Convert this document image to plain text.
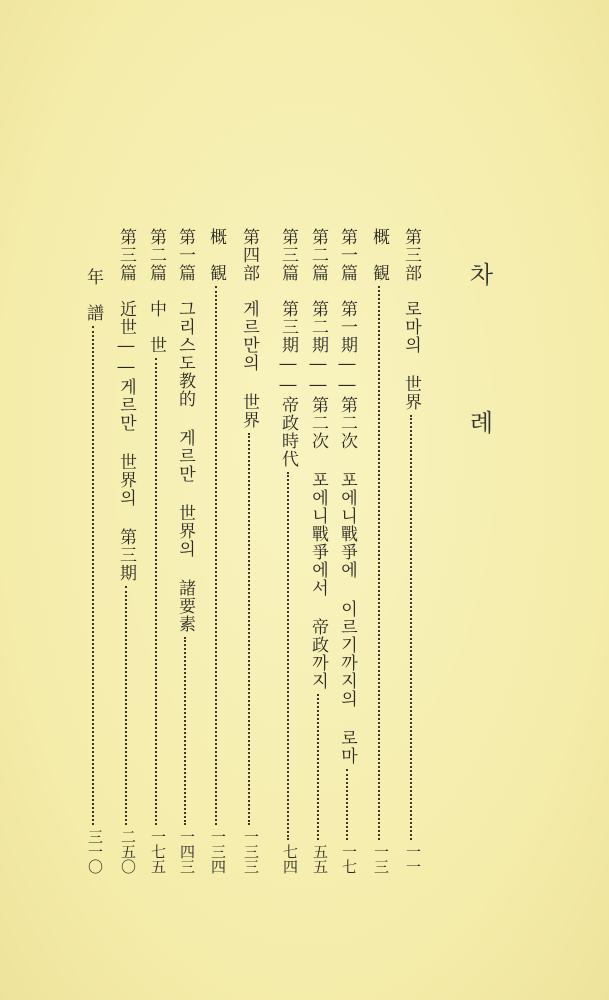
차 례
第三部　로마의 世界
一一
概　観
一三
第一篇　第一期――第二次 포에니戰爭에 이르기까지의 로마
一七
第二篇　第二期――第二次 포에니戰爭에서 帝政까지
五五
第三篇　第三期――帝政時代
七四
第四部　게르만의 世界
一三三
概　観
一三四
第一篇　그리스도教的 게르만 世界의 諸要素
一四三
第二篇　中　世
一七五
第三篇　近世――게르만 世界의 第三期
二五〇
年　譜
三一〇
